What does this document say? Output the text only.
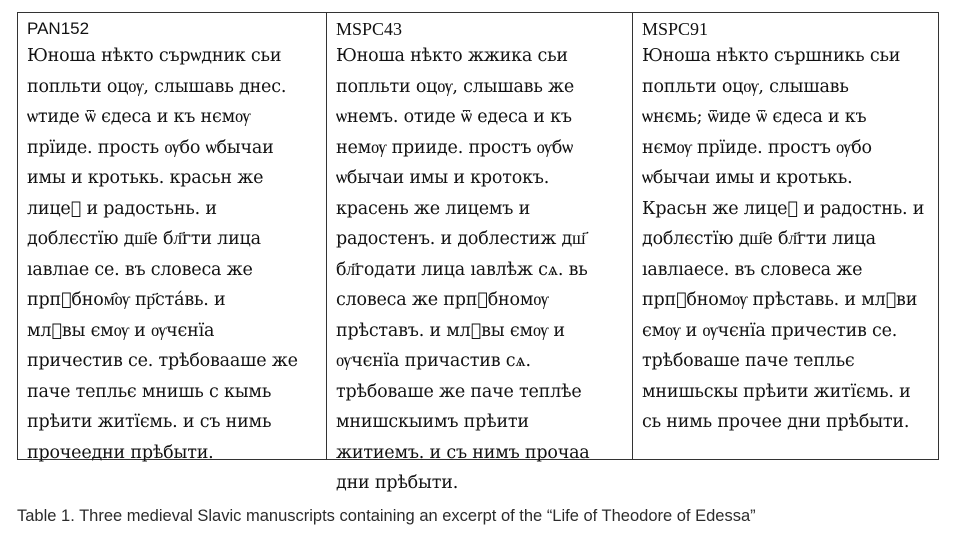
PAN152
Юноша нѣкто сърѡдник сьи
попльти оцѹ, слышавь днес.
ѡтиде ѿ єдеса и къ нємѹ
прїиде. прость ѹбо ѡбычаи
имы и кротькь. красьн же
лицеⷨ и радостьнь. и
доблєстїю дш҃е бл҃гти лица
ıавлıае се. въ словеса же
прпⷣбном҄ѹ пр҃стáвь. и
млⷮвы ємѹ и ѹчєнїа
причестив се. трѣбовааше же
паче тепльє мнишь с кымь
прѣити житїємь. и съ нимь
прочеедни прѣбыти.
MSPC43
Юноша нѣкто жжика сьи
попльти оцѹ, слышавь же
ѡнемъ. отиде ѿ едеса и къ
немѹ прииде. простъ ѹбѡ
ѡбычаи имы и кротокъ.
красень же лицемъ и
радостенъ. и доблестиж дш҃
бл҃годати лица ıавлѣж сѧ. вь
словеса же прпⷣбномѹ
прѣставъ. и млⷮвы ємѹ и
ѹчєнїа причастив сѧ.
трѣбоваше же паче теплѣе
мнишскыимъ прѣити
житиемъ. и съ нимъ прочаа
дни прѣбыти.
MSPC91
Юноша нѣкто сършникь сьи
попльти оцѹ, слышавь
ѡнємь; ѿиде ѿ єдеса и къ
нємѹ прїиде. простъ ѹбо
ѡбычаи имы и кротькь.
Красьн же лицеⷨ и радостнь. и
доблєстїю дш҃е бл҃гти лица
ıавлıаесе. въ словеса же
прпⷣбномѹ прѣставь. и млⷮви
ємѹ и ѹчєнїа причестив се.
трѣбоваше паче тепльє
мнишьскы прѣити житїємь. и
сь нимь прочее дни прѣбыти.
Table 1. Three medieval Slavic manuscripts containing an excerpt of the “Life of Theodore of Edessa”
